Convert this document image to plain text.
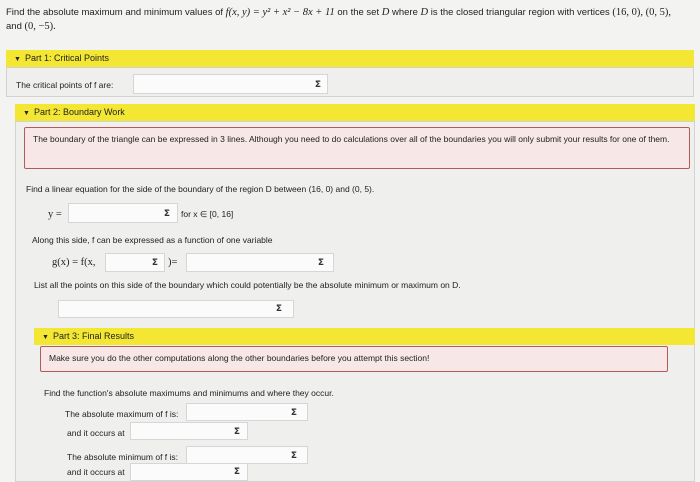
Find the absolute maximum and minimum values of f(x, y) = y² + x² − 8x + 11 on the set D where D is the closed triangular region with vertices (16, 0), (0, 5),
and (0, −5).
▼ Part 1: Critical Points
The critical points of f are:	Σ
▼ Part 2: Boundary Work
The boundary of the triangle can be expressed in 3 lines. Although you need to do calculations over all of the boundaries you will only submit your results for one of them.
Find a linear equation for the side of the boundary of the region D between (16, 0) and (0, 5).
y =	Σ for x ∈ [0, 16]
Along this side, f can be expressed as a function of one variable
g(x) = f(x,	Σ )=	Σ
List all the points on this side of the boundary which could potentially be the absolute minimum or maximum on D.
Σ
▼ Part 3: Final Results
Make sure you do the other computations along the other boundaries before you attempt this section!
Find the function's absolute maximums and minimums and where they occur.
The absolute maximum of f is:	Σ
and it occurs at	Σ
The absolute minimum of f is:	Σ
and it occurs at	Σ
